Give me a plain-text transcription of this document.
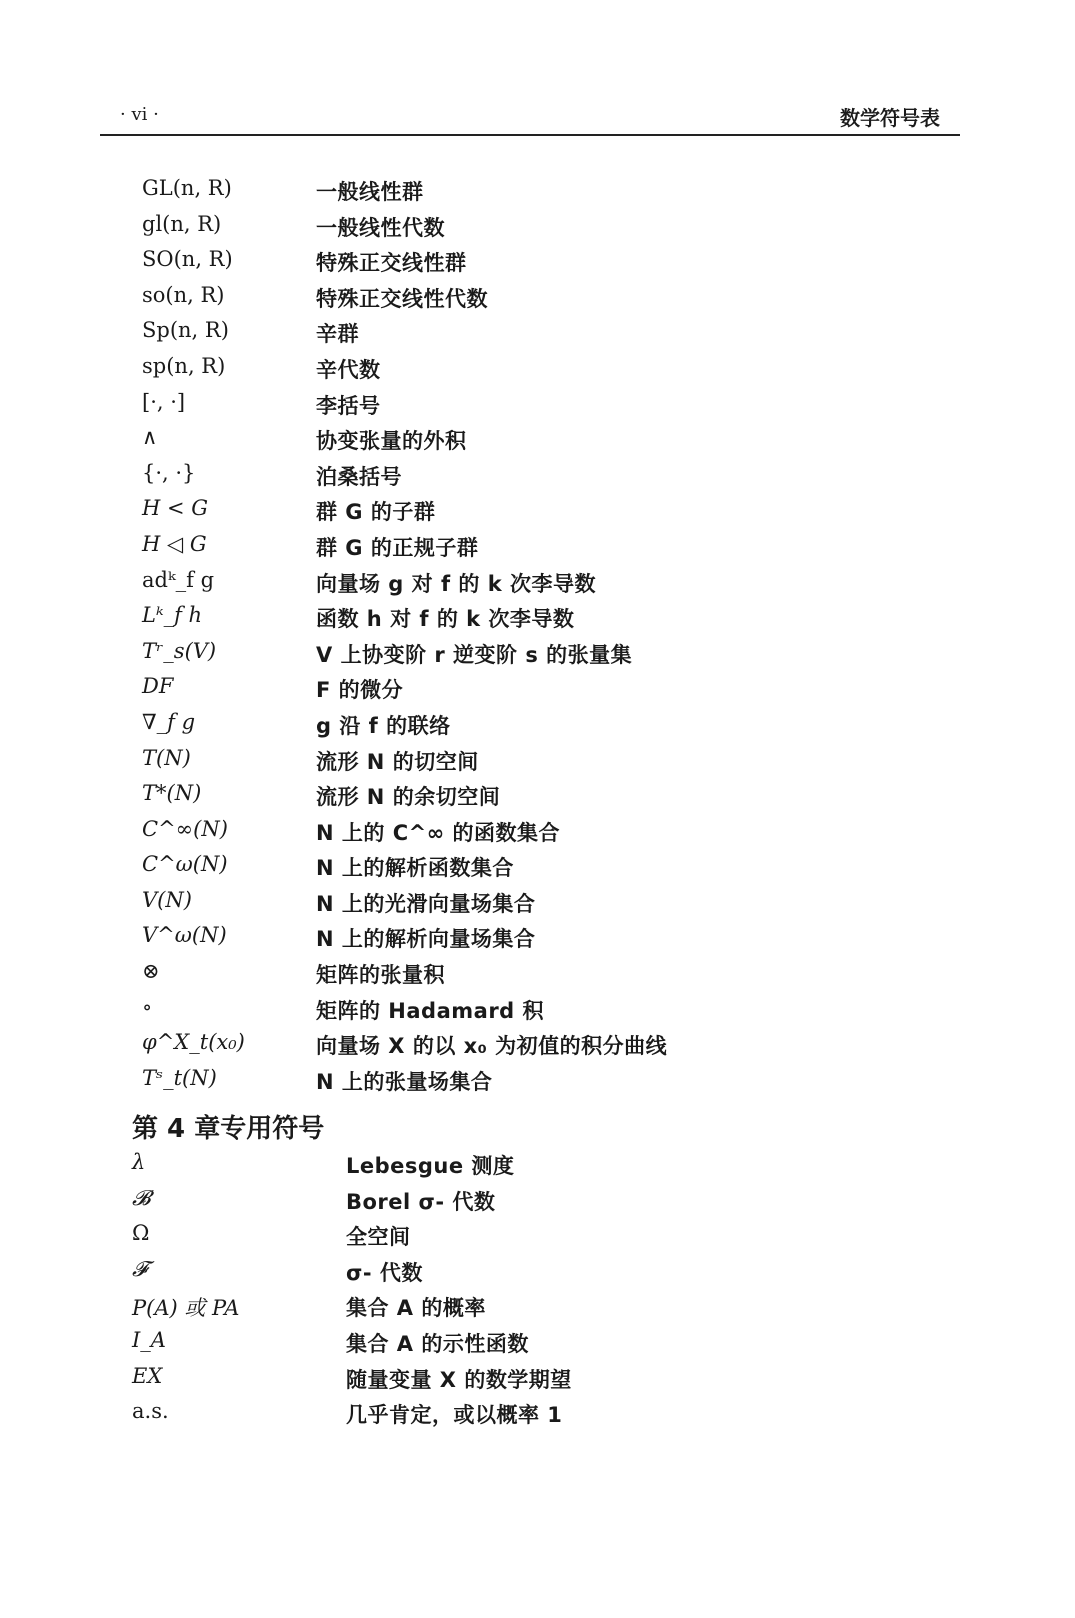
· vi ·	数学符号表
GL(n, R)	一般线性群
gl(n, R)	一般线性代数
SO(n, R)	特殊正交线性群
so(n, R)	特殊正交线性代数
Sp(n, R)	辛群
sp(n, R)	辛代数
[·, ·]	李括号
∧	协变张量的外积
{·, ·}	泊桑括号
H < G	群 G 的子群
H ◁ G	群 G 的正规子群
adᵏ_f g	向量场 g 对 f 的 k 次李导数
Lᵏ_f h	函数 h 对 f 的 k 次李导数
Tʳ_s(V)	V 上协变阶 r 逆变阶 s 的张量集
DF	F 的微分
∇_f g	g 沿 f 的联络
T(N)	流形 N 的切空间
T*(N)	流形 N 的余切空间
C^∞(N)	N 上的 C^∞ 的函数集合
C^ω(N)	N 上的解析函数集合
V(N)	N 上的光滑向量场集合
V^ω(N)	N 上的解析向量场集合
⊗	矩阵的张量积
∘	矩阵的 Hadamard 积
φ^X_t(x₀)	向量场 X 的以 x₀ 为初值的积分曲线
Tˢ_t(N)	N 上的张量场集合
第 4 章专用符号
λ	Lebesgue 测度
𝓑	Borel σ- 代数
Ω	全空间
𝓕	σ- 代数
P(A) 或 PA	集合 A 的概率
I_A	集合 A 的示性函数
EX	随量变量 X 的数学期望
a.s.	几乎肯定，或以概率 1
